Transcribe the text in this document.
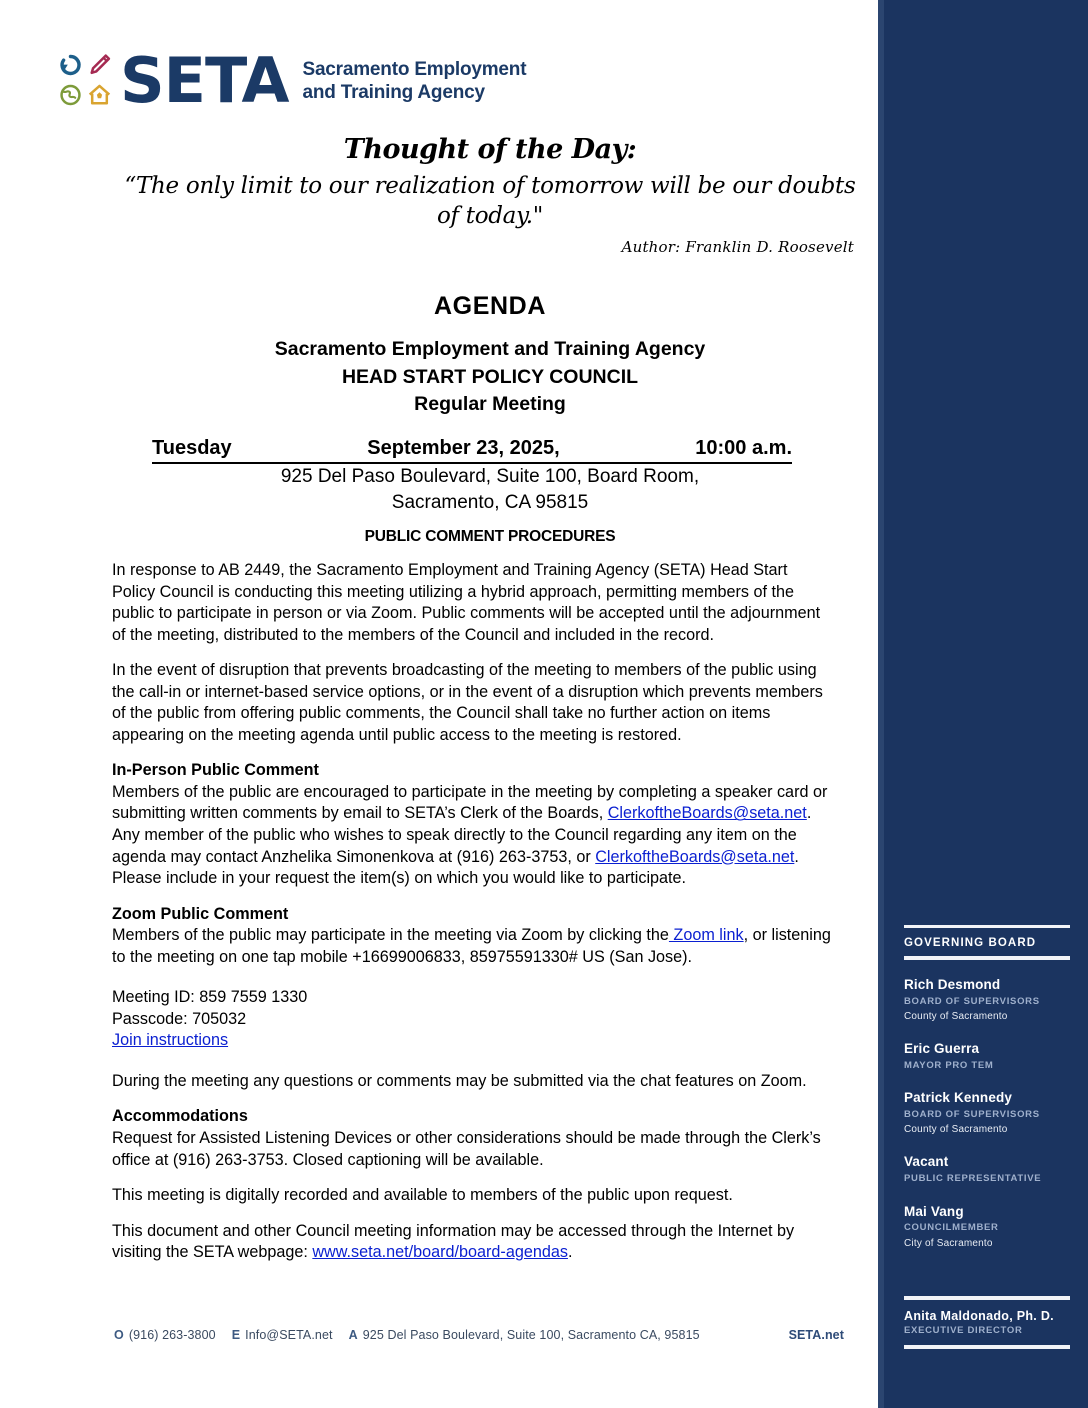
GOVERNING BOARD
Rich Desmond
BOARD OF SUPERVISORS
County of Sacramento
Eric Guerra
MAYOR PRO TEM
Patrick Kennedy
BOARD OF SUPERVISORS
County of Sacramento
Vacant
PUBLIC REPRESENTATIVE
Mai Vang
COUNCILMEMBER
City of Sacramento
Anita Maldonado, Ph. D.
EXECUTIVE DIRECTOR
SETA Sacramento Employment
and Training Agency
Thought of the Day:
“The only limit to our realization of tomorrow will be our doubts of today."
Author: Franklin D. Roosevelt
AGENDA
Sacramento Employment and Training Agency
HEAD START POLICY COUNCIL
Regular Meeting
Tuesday	September 23, 2025,	10:00 a.m.
925 Del Paso Boulevard, Suite 100, Board Room,
Sacramento, CA 95815
PUBLIC COMMENT PROCEDURES

In response to AB 2449, the Sacramento Employment and Training Agency (SETA) Head Start Policy Council is conducting this meeting utilizing a hybrid approach, permitting members of the public to participate in person or via Zoom. Public comments will be accepted until the adjournment of the meeting, distributed to the members of the Council and included in the record.

In the event of disruption that prevents broadcasting of the meeting to members of the public using the call-in or internet-based service options, or in the event of a disruption which prevents members of the public from offering public comments, the Council shall take no further action on items appearing on the meeting agenda until public access to the meeting is restored.

In-Person Public Comment

Members of the public are encouraged to participate in the meeting by completing a speaker card or submitting written comments by email to SETA’s Clerk of the Boards, ClerkoftheBoards@seta.net. Any member of the public who wishes to speak directly to the Council regarding any item on the agenda may contact Anzhelika Simonenkova at (916) 263-3753, or ClerkoftheBoards@seta.net. Please include in your request the item(s) on which you would like to participate.

Zoom Public Comment

Members of the public may participate in the meeting via Zoom by clicking the Zoom link, or listening to the meeting on one tap mobile +16699006833, 85975591330# US (San Jose).

Meeting ID: 859 7559 1330
Passcode: 705032
Join instructions

During the meeting any questions or comments may be submitted via the chat features on Zoom.

Accommodations

Request for Assisted Listening Devices or other considerations should be made through the Clerk’s office at (916) 263-3753. Closed captioning will be available.

This meeting is digitally recorded and available to members of the public upon request.

This document and other Council meeting information may be accessed through the Internet by visiting the SETA webpage: www.seta.net/board/board-agendas.

O (916) 263-3800 E Info@SETA.net A 925 Del Paso Boulevard, Suite 100, Sacramento CA, 95815	SETA.net
